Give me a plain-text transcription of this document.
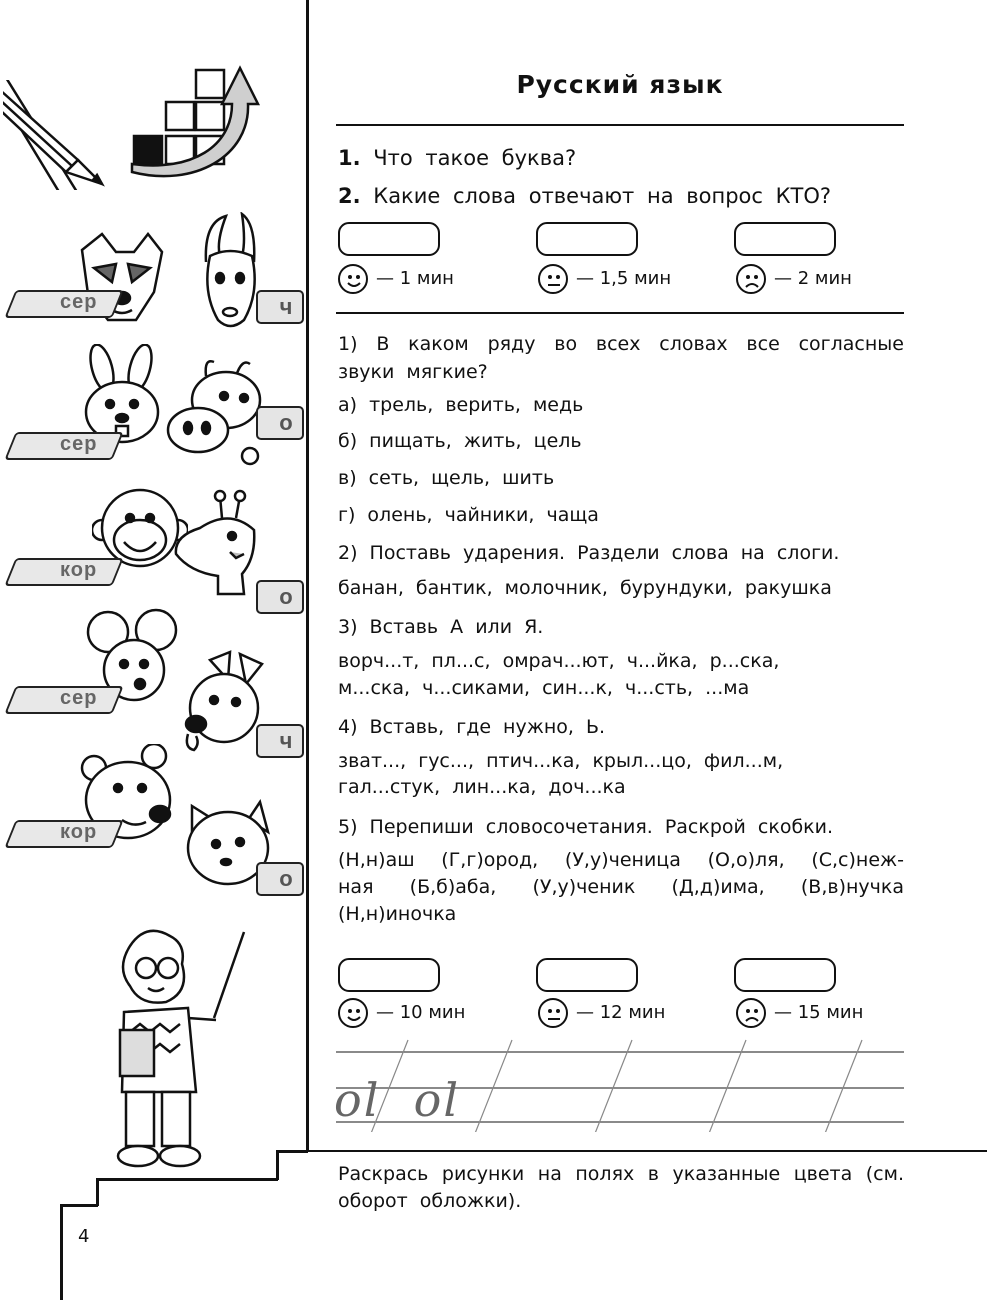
сер
сер
кор
сер
кор
ч
о
о
ч
о
4
Русский язык
1. Что такое буква?
2. Какие слова отвечают на вопрос КТО?
— 1 мин	— 1,5 мин	— 2 мин
1) В каком ряду во всех словах все согласные звуки мягкие?
а) трель, верить, медь
б) пищать, жить, цель
в) сеть, щель, шить
г) олень, чайники, чаща
2) Поставь ударения. Раздели слова на слоги.
банан, бантик, молочник, бурундуки, ракушка
3) Вставь А или Я.
ворч...т, пл...с, омрач...ют, ч...йка, р...ска,
м...ска, ч...сиками, син...к, ч...сть, ...ма
4) Вставь, где нужно, Ь.
зват..., гус..., птич...ка, крыл...цо, фил...м,
гал...стук, лин...ка, доч...ка
5) Перепиши словосочетания. Раскрой скобки.
(Н,н)аш (Г,г)ород, (У,у)ченица (О,о)ля, (С,с)неж-
ная (Б,б)аба, (У,у)ченик (Д,д)има, (В,в)нучка
(Н,н)иночка
— 10 мин	— 12 мин	— 15 мин
ol  ol
Раскрась рисунки на полях в указанные цвета (см.
оборот обложки).
